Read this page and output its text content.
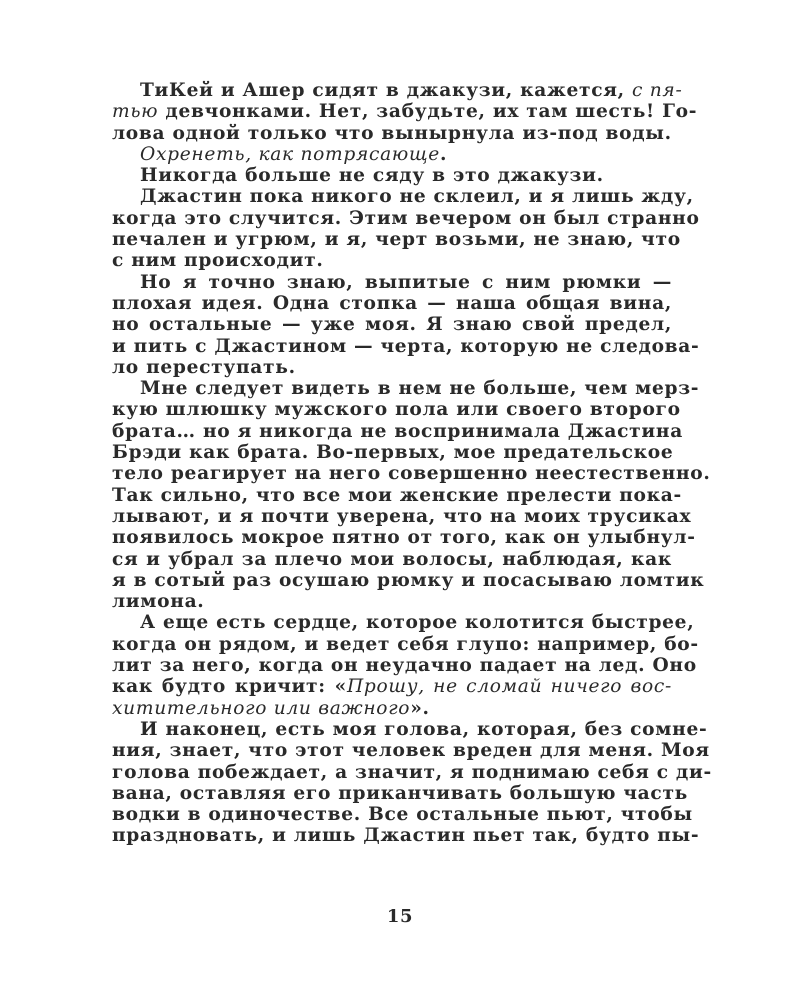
ТиКей и Ашер сидят в джакузи, кажется, с пя-
тью девчонками. Нет, забудьте, их там шесть! Го-
лова одной только что вынырнула из-под воды.
Охренеть, как потрясающе.
Никогда больше не сяду в это джакузи.
Джастин пока никого не склеил, и я лишь жду,
когда это случится. Этим вечером он был странно
печален и угрюм, и я, черт возьми, не знаю, что
с ним происходит.
Но я точно знаю, выпитые с ним рюмки —
плохая идея. Одна стопка — наша общая вина,
но остальные — уже моя. Я знаю свой предел,
и пить с Джастином — черта, которую не следова-
ло переступать.
Мне следует видеть в нем не больше, чем мерз-
кую шлюшку мужского пола или своего второго
брата… но я никогда не воспринимала Джастина
Брэди как брата. Во-первых, мое предательское
тело реагирует на него совершенно неестественно.
Так сильно, что все мои женские прелести пока-
лывают, и я почти уверена, что на моих трусиках
появилось мокрое пятно от того, как он улыбнул-
ся и убрал за плечо мои волосы, наблюдая, как
я в сотый раз осушаю рюмку и посасываю ломтик
лимона.
А еще есть сердце, которое колотится быстрее,
когда он рядом, и ведет себя глупо: например, бо-
лит за него, когда он неудачно падает на лед. Оно
как будто кричит: «Прошу, не сломай ничего вос-
хитительного или важного».
И наконец, есть моя голова, которая, без сомне-
ния, знает, что этот человек вреден для меня. Моя
голова побеждает, а значит, я поднимаю себя с ди-
вана, оставляя его приканчивать большую часть
водки в одиночестве. Все остальные пьют, чтобы
праздновать, и лишь Джастин пьет так, будто пы-
15
